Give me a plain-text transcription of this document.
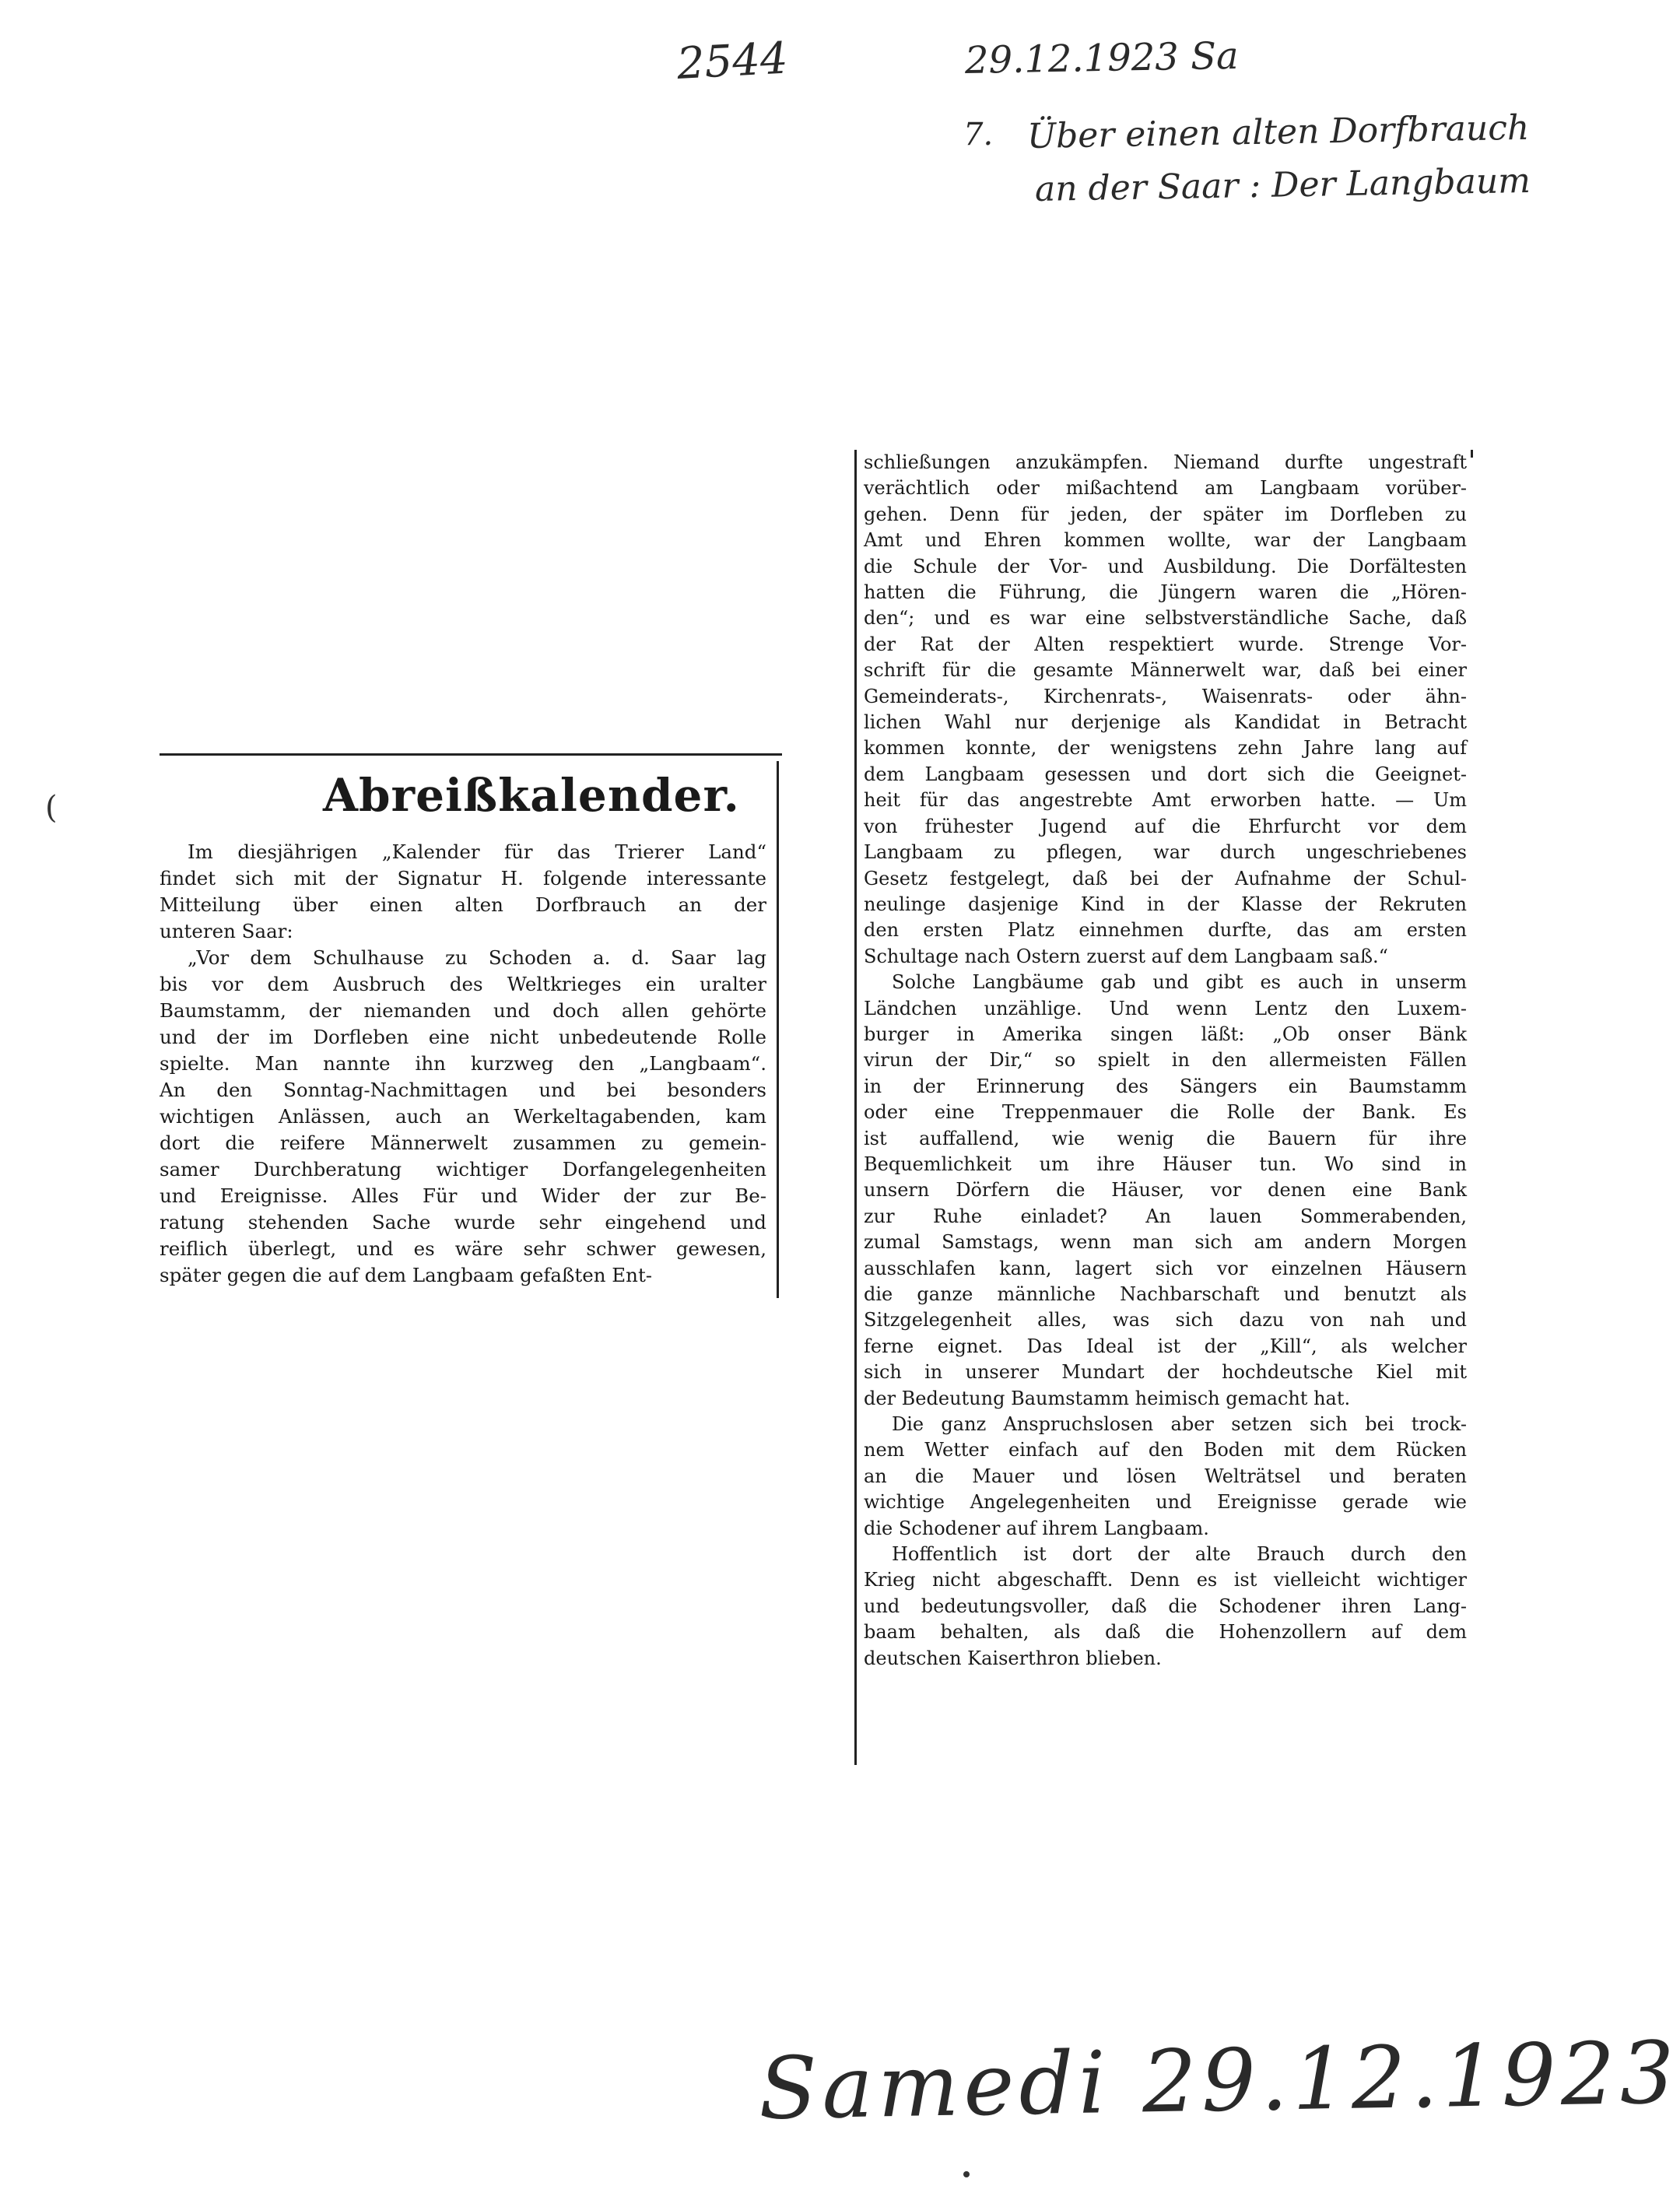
2544	29.12.1923 Sa
7. Über einen alten Dorfbrauch
an der Saar : Der Langbaum
(	Abreißkalender.
Im diesjährigen „Kalender für das Trierer Land“
findet sich mit der Signatur H. folgende interessante
Mitteilung über einen alten Dorfbrauch an der
unteren Saar:
„Vor dem Schulhause zu Schoden a. d. Saar lag
bis vor dem Ausbruch des Weltkrieges ein uralter
Baumstamm, der niemanden und doch allen gehörte
und der im Dorfleben eine nicht unbedeutende Rolle
spielte. Man nannte ihn kurzweg den „Langbaam“.
An den Sonntag-Nachmittagen und bei besonders
wichtigen Anlässen, auch an Werkeltagabenden, kam
dort die reifere Männerwelt zusammen zu gemein-
samer Durchberatung wichtiger Dorfangelegenheiten
und Ereignisse. Alles Für und Wider der zur Be-
ratung stehenden Sache wurde sehr eingehend und
reiflich überlegt, und es wäre sehr schwer gewesen,
später gegen die auf dem Langbaam gefaßten Ent-
schließungen anzukämpfen. Niemand durfte ungestraft
verächtlich oder mißachtend am Langbaam vorüber-
gehen. Denn für jeden, der später im Dorfleben zu
Amt und Ehren kommen wollte, war der Langbaam
die Schule der Vor- und Ausbildung. Die Dorfältesten
hatten die Führung, die Jüngern waren die „Hören-
den“; und es war eine selbstverständliche Sache, daß
der Rat der Alten respektiert wurde. Strenge Vor-
schrift für die gesamte Männerwelt war, daß bei einer
Gemeinderats-, Kirchenrats-, Waisenrats- oder ähn-
lichen Wahl nur derjenige als Kandidat in Betracht
kommen konnte, der wenigstens zehn Jahre lang auf
dem Langbaam gesessen und dort sich die Geeignet-
heit für das angestrebte Amt erworben hatte. — Um
von frühester Jugend auf die Ehrfurcht vor dem
Langbaam zu pflegen, war durch ungeschriebenes
Gesetz festgelegt, daß bei der Aufnahme der Schul-
neulinge dasjenige Kind in der Klasse der Rekruten
den ersten Platz einnehmen durfte, das am ersten
Schultage nach Ostern zuerst auf dem Langbaam saß.“
Solche Langbäume gab und gibt es auch in unserm
Ländchen unzählige. Und wenn Lentz den Luxem-
burger in Amerika singen läßt: „Ob onser Bänk
virun der Dir,“ so spielt in den allermeisten Fällen
in der Erinnerung des Sängers ein Baumstamm
oder eine Treppenmauer die Rolle der Bank. Es
ist auffallend, wie wenig die Bauern für ihre
Bequemlichkeit um ihre Häuser tun. Wo sind in
unsern Dörfern die Häuser, vor denen eine Bank
zur Ruhe einladet? An lauen Sommerabenden,
zumal Samstags, wenn man sich am andern Morgen
ausschlafen kann, lagert sich vor einzelnen Häusern
die ganze männliche Nachbarschaft und benutzt als
Sitzgelegenheit alles, was sich dazu von nah und
ferne eignet. Das Ideal ist der „Kill“, als welcher
sich in unserer Mundart der hochdeutsche Kiel mit
der Bedeutung Baumstamm heimisch gemacht hat.
Die ganz Anspruchslosen aber setzen sich bei trock-
nem Wetter einfach auf den Boden mit dem Rücken
an die Mauer und lösen Welträtsel und beraten
wichtige Angelegenheiten und Ereignisse gerade wie
die Schodener auf ihrem Langbaam.
Hoffentlich ist dort der alte Brauch durch den
Krieg nicht abgeschafft. Denn es ist vielleicht wichtiger
und bedeutungsvoller, daß die Schodener ihren Lang-
baam behalten, als daß die Hohenzollern auf dem
deutschen Kaiserthron blieben.
Samedi 29.12.1923
